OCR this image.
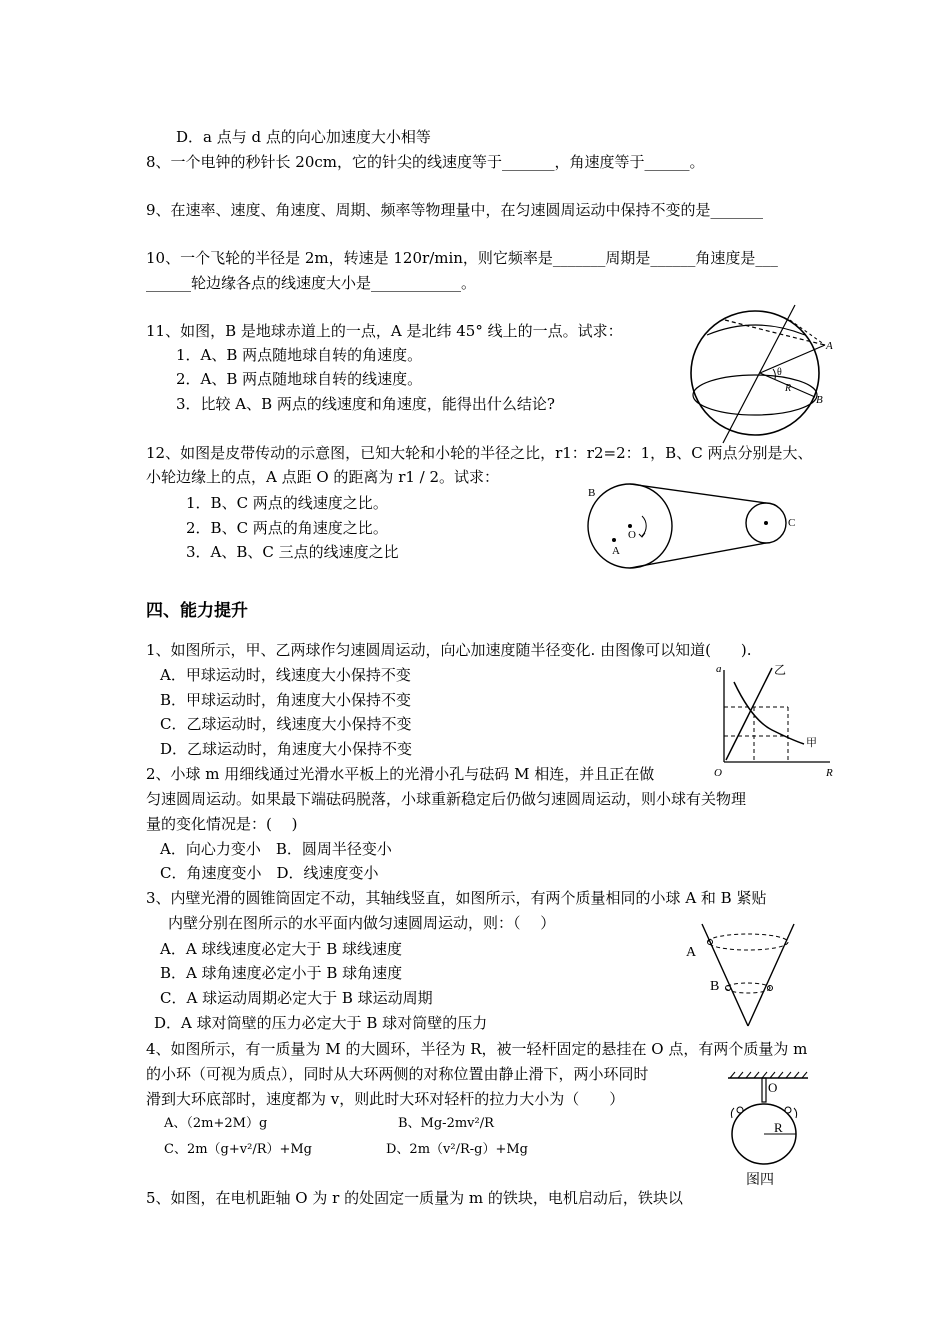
D．a 点与 d 点的向心加速度大小相等
8、一个电钟的秒针长 20cm，它的针尖的线速度等于_______，角速度等于______。
9、在速率、速度、角速度、周期、频率等物理量中，在匀速圆周运动中保持不变的是_______
10、一个飞轮的半径是 2m，转速是 120r/min，则它频率是_______周期是______角速度是___
______轮边缘各点的线速度大小是____________。
11、如图，B 是地球赤道上的一点，A 是北纬 45° 线上的一点。试求：
1．A、B 两点随地球自转的角速度。
2．A、B 两点随地球自转的线速度。
3．比较 A、B 两点的线速度和角速度，能得出什么结论?
A
B
θ
R
12、如图是皮带传动的示意图，已知大轮和小轮的半径之比，r1：r2=2：1，B、C 两点分别是大、
小轮边缘上的点，A 点距 O 的距离为 r1 / 2。试求：
1．B、C 两点的线速度之比。
2．B、C 两点的角速度之比。
3．A、B、C 三点的线速度之比
B
O
A
C
四、能力提升
1、如图所示，甲、乙两球作匀速圆周运动，向心加速度随半径变化. 由图像可以知道(　　).
A．甲球运动时，线速度大小保持不变
B．甲球运动时，角速度大小保持不变
C．乙球运动时，线速度大小保持不变
D．乙球运动时，角速度大小保持不变
a	乙
甲
O	R
2、小球 m 用细线通过光滑水平板上的光滑小孔与砝码 M 相连，并且正在做
匀速圆周运动。如果最下端砝码脱落，小球重新稳定后仍做匀速圆周运动，则小球有关物理
量的变化情况是：(　 )
A．向心力变小　B．圆周半径变小
C．角速度变小　D．线速度变小
3、内壁光滑的圆锥筒固定不动，其轴线竖直，如图所示，有两个质量相同的小球 A 和 B 紧贴
内壁分别在图所示的水平面内做匀速圆周运动，则：（　 ）
A．A 球线速度必定大于 B 球线速度
B．A 球角速度必定小于 B 球角速度
C．A 球运动周期必定大于 B 球运动周期
D．A 球对筒壁的压力必定大于 B 球对筒壁的压力
A
B
4、如图所示，有一质量为 M 的大圆环，半径为 R，被一轻杆固定的悬挂在 O 点，有两个质量为 m
的小环（可视为质点），同时从大环两侧的对称位置由静止滑下，两小环同时
滑到大环底部时，速度都为 v，则此时大环对轻杆的拉力大小为（　　）
A、（2m+2M）g	B、Mg-2mv²/R
C、2m（g+v²/R）+Mg	D、2m（v²/R-g）+Mg
O
R
图四
5、如图，在电机距轴 O 为 r 的处固定一质量为 m 的铁块，电机启动后，铁块以
